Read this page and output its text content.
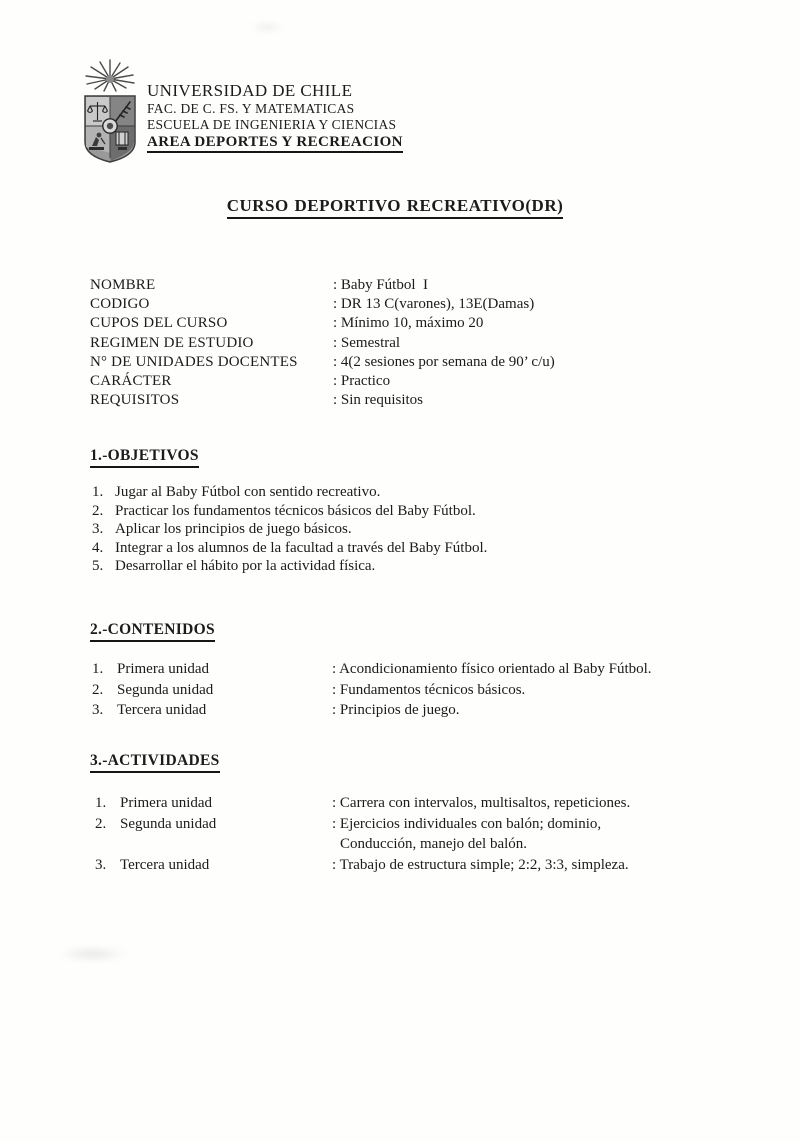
UNIVERSIDAD DE CHILE
FAC. DE C. FS. Y MATEMATICAS
ESCUELA DE INGENIERIA Y CIENCIAS
AREA DEPORTES Y RECREACION
CURSO DEPORTIVO RECREATIVO(DR)
NOMBRE	: Baby Fútbol  I
CODIGO	: DR 13 C(varones), 13E(Damas)
CUPOS DEL CURSO	: Mínimo 10, máximo 20
REGIMEN DE ESTUDIO	: Semestral
N° DE UNIDADES DOCENTES	: 4(2 sesiones por semana de 90’ c/u)
CARÁCTER	: Practico
REQUISITOS	: Sin requisitos
1.-OBJETIVOS
1. Jugar al Baby Fútbol con sentido recreativo.
2. Practicar los fundamentos técnicos básicos del Baby Fútbol.
3. Aplicar los principios de juego básicos.
4. Integrar a los alumnos de la facultad a través del Baby Fútbol.
5. Desarrollar el hábito por la actividad física.
2.-CONTENIDOS
1. Primera unidad	: Acondicionamiento físico orientado al Baby Fútbol.
2. Segunda unidad	: Fundamentos técnicos básicos.
3. Tercera unidad	: Principios de juego.
3.-ACTIVIDADES
1. Primera unidad	: Carrera con intervalos, multisaltos, repeticiones.
2. Segunda unidad	: Ejercicios individuales con balón; dominio,
Conducción, manejo del balón.
3. Tercera unidad	: Trabajo de estructura simple; 2:2, 3:3, simpleza.
